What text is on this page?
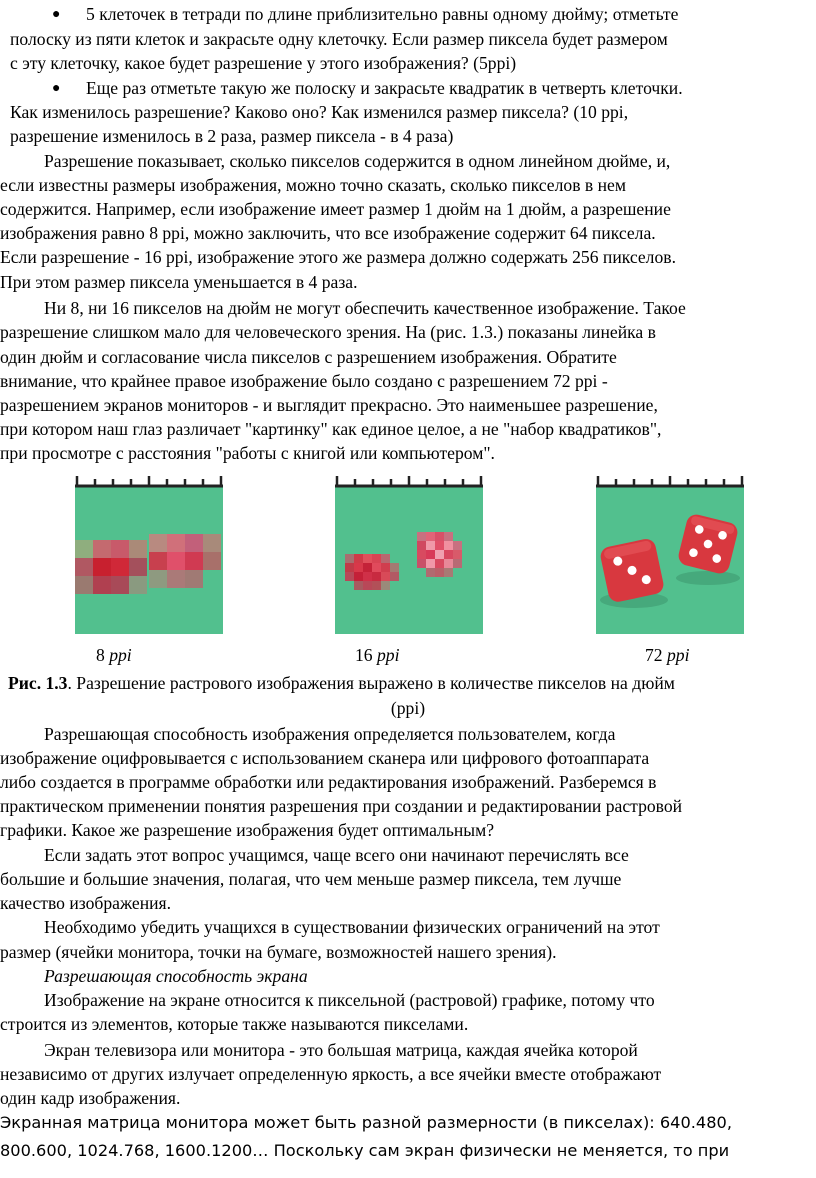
● 5 клеточек в тетради по длине приблизительно равны одному дюйму; отметьте
полоску из пяти клеток и закрасьте одну клеточку. Если размер пиксела будет размером
с эту клеточку, какое будет разрешение у этого изображения? (5ppi)
● Еще раз отметьте такую же полоску и закрасьте квадратик в четверть клеточки.
Как изменилось разрешение? Каково оно? Как изменился размер пиксела? (10 ppi,
разрешение изменилось в 2 раза, размер пиксела - в 4 раза)
Разрешение показывает, сколько пикселов содержится в одном линейном дюйме, и,
если известны размеры изображения, можно точно сказать, сколько пикселов в нем
содержится. Например, если изображение имеет размер 1 дюйм на 1 дюйм, а разрешение
изображения равно 8 ppi, можно заключить, что все изображение содержит 64 пиксела.
Если разрешение - 16 ppi, изображение этого же размера должно содержать 256 пикселов.
При этом размер пиксела уменьшается в 4 раза.
Ни 8, ни 16 пикселов на дюйм не могут обеспечить качественное изображение. Такое
разрешение слишком мало для человеческого зрения. На (рис. 1.3.) показаны линейка в
один дюйм и согласование числа пикселов с разрешением изображения. Обратите
внимание, что крайнее правое изображение было создано с разрешением 72 ppi -
разрешением экранов мониторов - и выглядит прекрасно. Это наименьшее разрешение,
при котором наш глаз различает "картинку" как единое целое, а не "набор квадратиков",
при просмотре с расстояния "работы с книгой или компьютером".
8 ppi	16 ppi	72 ppi
Рис. 1.3. Разрешение растрового изображения выражено в количестве пикселов на дюйм
(ppi)
Разрешающая способность изображения определяется пользователем, когда
изображение оцифровывается с использованием сканера или цифрового фотоаппарата
либо создается в программе обработки или редактирования изображений. Разберемся в
практическом применении понятия разрешения при создании и редактировании растровой
графики. Какое же разрешение изображения будет оптимальным?
Если задать этот вопрос учащимся, чаще всего они начинают перечислять все
большие и большие значения, полагая, что чем меньше размер пиксела, тем лучше
качество изображения.
Необходимо убедить учащихся в существовании физических ограничений на этот
размер (ячейки монитора, точки на бумаге, возможностей нашего зрения).
Разрешающая способность экрана
Изображение на экране относится к пиксельной (растровой) графике, потому что
строится из элементов, которые также называются пикселами.
Экран телевизора или монитора - это большая матрица, каждая ячейка которой
независимо от других излучает определенную яркость, а все ячейки вместе отображают
один кадр изображения.
Экранная матрица монитора может быть разной размерности (в пикселах): 640.480,
800.600, 1024.768, 1600.1200… Поскольку сам экран физически не меняется, то при
